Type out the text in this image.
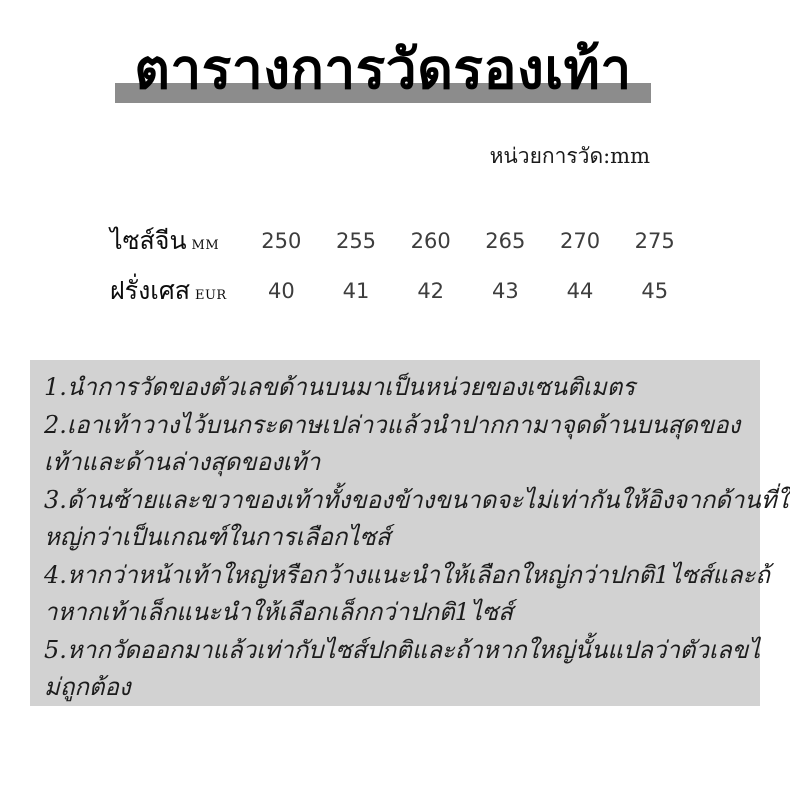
ตารางการวัดรองเท้า
หน่วยการวัด:mm
ไซส์จีน MM	250	255	260	265	270	275
ฝรั่งเศส EUR	40	41	42	43	44	45
1.นำการวัดของตัวเลขด้านบนมาเป็นหน่วยของเซนติเมตร
2.เอาเท้าวางไว้บนกระดาษเปล่าวแล้วนำปากกามาจุดด้านบนสุดของ
เท้าและด้านล่างสุดของเท้า
3.ด้านซ้ายและขวาของเท้าทั้งของข้างขนาดจะไม่เท่ากันให้อิงจากด้านที่ใ
หญ่กว่าเป็นเกณฑ์ในการเลือกไซส์
4.หากว่าหน้าเท้าใหญ่หรือกว้างแนะนำให้เลือกใหญ่กว่าปกติ1ไซส์และถ้
าหากเท้าเล็กแนะนำให้เลือกเล็กกว่าปกติ1ไซส์
5.หากวัดออกมาแล้วเท่ากับไซส์ปกติและถ้าหากใหญ่นั้นแปลว่าตัวเลขไ
ม่ถูกต้อง
